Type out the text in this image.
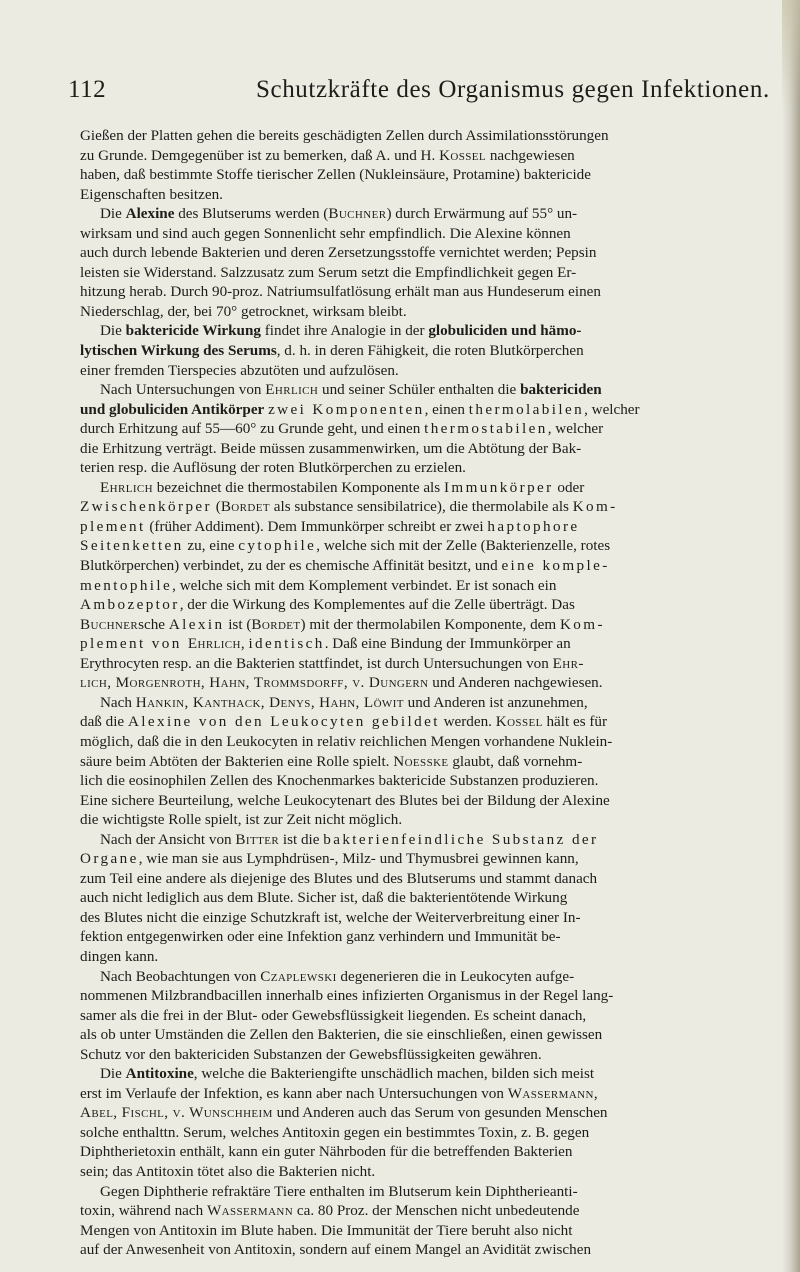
112	Schutzkräfte des Organismus gegen Infektionen.
Gießen der Platten gehen die bereits geschädigten Zellen durch Assimilationsstörungen
zu Grunde. Demgegenüber ist zu bemerken, daß A. und H. Kossel nachgewiesen
haben, daß bestimmte Stoffe tierischer Zellen (Nukleinsäure, Protamine) baktericide
Eigenschaften besitzen.
Die Alexine des Blutserums werden (Buchner) durch Erwärmung auf 55° un-
wirksam und sind auch gegen Sonnenlicht sehr empfindlich. Die Alexine können
auch durch lebende Bakterien und deren Zersetzungsstoffe vernichtet werden; Pepsin
leisten sie Widerstand. Salzzusatz zum Serum setzt die Empfindlichkeit gegen Er-
hitzung herab. Durch 90-proz. Natriumsulfatlösung erhält man aus Hundeserum einen
Niederschlag, der, bei 70° getrocknet, wirksam bleibt.
Die baktericide Wirkung findet ihre Analogie in der globuliciden und hämo-
lytischen Wirkung des Serums, d. h. in deren Fähigkeit, die roten Blutkörperchen
einer fremden Tierspecies abzutöten und aufzulösen.
Nach Untersuchungen von Ehrlich und seiner Schüler enthalten die baktericiden
und globuliciden Antikörper zwei Komponenten, einen thermolabilen, welcher
durch Erhitzung auf 55—60° zu Grunde geht, und einen thermostabilen, welcher
die Erhitzung verträgt. Beide müssen zusammenwirken, um die Abtötung der Bak-
terien resp. die Auflösung der roten Blutkörperchen zu erzielen.
Ehrlich bezeichnet die thermostabilen Komponente als Immunkörper oder
Zwischenkörper (Bordet als substance sensibilatrice), die thermolabile als Kom-
plement (früher Addiment). Dem Immunkörper schreibt er zwei haptophore
Seitenketten zu, eine cytophile, welche sich mit der Zelle (Bakterienzelle, rotes
Blutkörperchen) verbindet, zu der es chemische Affinität besitzt, und eine komple-
mentophile, welche sich mit dem Komplement verbindet. Er ist sonach ein
Ambozeptor, der die Wirkung des Komplementes auf die Zelle überträgt. Das
Buchnersche Alexin ist (Bordet) mit der thermolabilen Komponente, dem Kom-
plement von Ehrlich, identisch. Daß eine Bindung der Immunkörper an
Erythrocyten resp. an die Bakterien stattfindet, ist durch Untersuchungen von Ehr-
lich, Morgenroth, Hahn, Trommsdorff, v. Dungern und Anderen nachgewiesen.
Nach Hankin, Kanthack, Denys, Hahn, Löwit und Anderen ist anzunehmen,
daß die Alexine von den Leukocyten gebildet werden. Kossel hält es für
möglich, daß die in den Leukocyten in relativ reichlichen Mengen vorhandene Nuklein-
säure beim Abtöten der Bakterien eine Rolle spielt. Noesske glaubt, daß vornehm-
lich die eosinophilen Zellen des Knochenmarkes baktericide Substanzen produzieren.
Eine sichere Beurteilung, welche Leukocytenart des Blutes bei der Bildung der Alexine
die wichtigste Rolle spielt, ist zur Zeit nicht möglich.
Nach der Ansicht von Bitter ist die bakterienfeindliche Substanz der
Organe, wie man sie aus Lymphdrüsen-, Milz- und Thymusbrei gewinnen kann,
zum Teil eine andere als diejenige des Blutes und des Blutserums und stammt danach
auch nicht lediglich aus dem Blute. Sicher ist, daß die bakterientötende Wirkung
des Blutes nicht die einzige Schutzkraft ist, welche der Weiterverbreitung einer In-
fektion entgegenwirken oder eine Infektion ganz verhindern und Immunität be-
dingen kann.
Nach Beobachtungen von Czaplewski degenerieren die in Leukocyten aufge-
nommenen Milzbrandbacillen innerhalb eines infizierten Organismus in der Regel lang-
samer als die frei in der Blut- oder Gewebsflüssigkeit liegenden. Es scheint danach,
als ob unter Umständen die Zellen den Bakterien, die sie einschließen, einen gewissen
Schutz vor den baktericiden Substanzen der Gewebsflüssigkeiten gewähren.
Die Antitoxine, welche die Bakteriengifte unschädlich machen, bilden sich meist
erst im Verlaufe der Infektion, es kann aber nach Untersuchungen von Wassermann,
Abel, Fischl, v. Wunschheim und Anderen auch das Serum von gesunden Menschen
solche enthalttn. Serum, welches Antitoxin gegen ein bestimmtes Toxin, z. B. gegen
Diphtherietoxin enthält, kann ein guter Nährboden für die betreffenden Bakterien
sein; das Antitoxin tötet also die Bakterien nicht.
Gegen Diphtherie refraktäre Tiere enthalten im Blutserum kein Diphtherieanti-
toxin, während nach Wassermann ca. 80 Proz. der Menschen nicht unbedeutende
Mengen von Antitoxin im Blute haben. Die Immunität der Tiere beruht also nicht
auf der Anwesenheit von Antitoxin, sondern auf einem Mangel an Avidität zwischen
